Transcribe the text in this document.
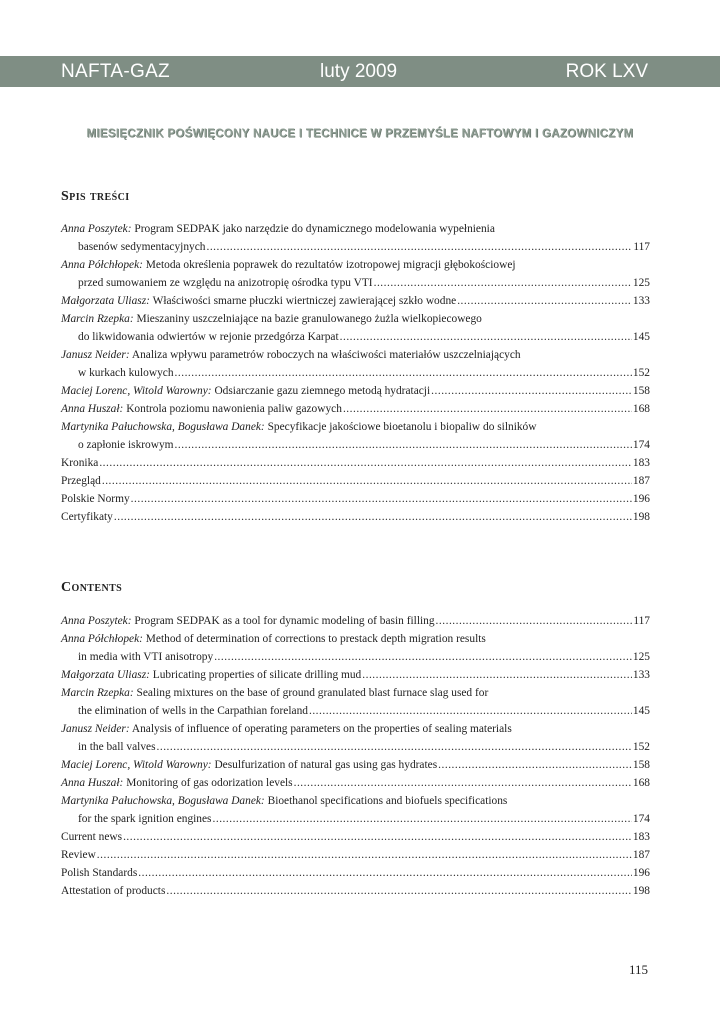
NAFTA-GAZ	luty 2009	ROK LXV
MIESIĘCZNIK POŚWIĘCONY NAUCE I TECHNICE W PRZEMYŚLE NAFTOWYM I GAZOWNICZYM
Spis treści
Anna Poszytek: Program SEDPAK jako narzędzie do dynamicznego modelowania wypełnienia
basenów sedymentacyjnych .....	117
Anna Półchłopek: Metoda określenia poprawek do rezultatów izotropowej migracji głębokościowej
przed sumowaniem ze względu na anizotropię ośrodka typu VTI .....	125
Małgorzata Uliasz: Właściwości smarne płuczki wiertniczej zawierającej szkło wodne .....	133
Marcin Rzepka: Mieszaniny uszczelniające na bazie granulowanego żużla wielkopiecowego
do likwidowania odwiertów w rejonie przedgórza Karpat .....	145
Janusz Neider: Analiza wpływu parametrów roboczych na właściwości materiałów uszczelniających
w kurkach kulowych .....	152
Maciej Lorenc, Witold Warowny: Odsiarczanie gazu ziemnego metodą hydratacji .....	158
Anna Huszał: Kontrola poziomu nawonienia paliw gazowych .....	168
Martynika Pałuchowska, Bogusława Danek: Specyfikacje jakościowe bioetanolu i biopaliw do silników
o zapłonie iskrowym .....	174
Kronika .....	183
Przegląd .....	187
Polskie Normy .....	196
Certyfikaty .....	198
Contents
Anna Poszytek: Program SEDPAK as a tool for dynamic modeling of basin filling .....	117
Anna Półchłopek: Method of determination of corrections to prestack depth migration results
in media with VTI anisotropy .....	125
Małgorzata Uliasz: Lubricating properties of silicate drilling mud .....	133
Marcin Rzepka: Sealing mixtures on the base of ground granulated blast furnace slag used for
the elimination of wells in the Carpathian foreland .....	145
Janusz Neider: Analysis of influence of operating parameters on the properties of sealing materials
in the ball valves .....	152
Maciej Lorenc, Witold Warowny: Desulfurization of natural gas using gas hydrates .....	158
Anna Huszał: Monitoring of gas odorization levels .....	168
Martynika Pałuchowska, Bogusława Danek: Bioethanol specifications and biofuels specifications
for the spark ignition engines .....	174
Current news .....	183
Review .....	187
Polish Standards .....	196
Attestation of products .....	198
115
